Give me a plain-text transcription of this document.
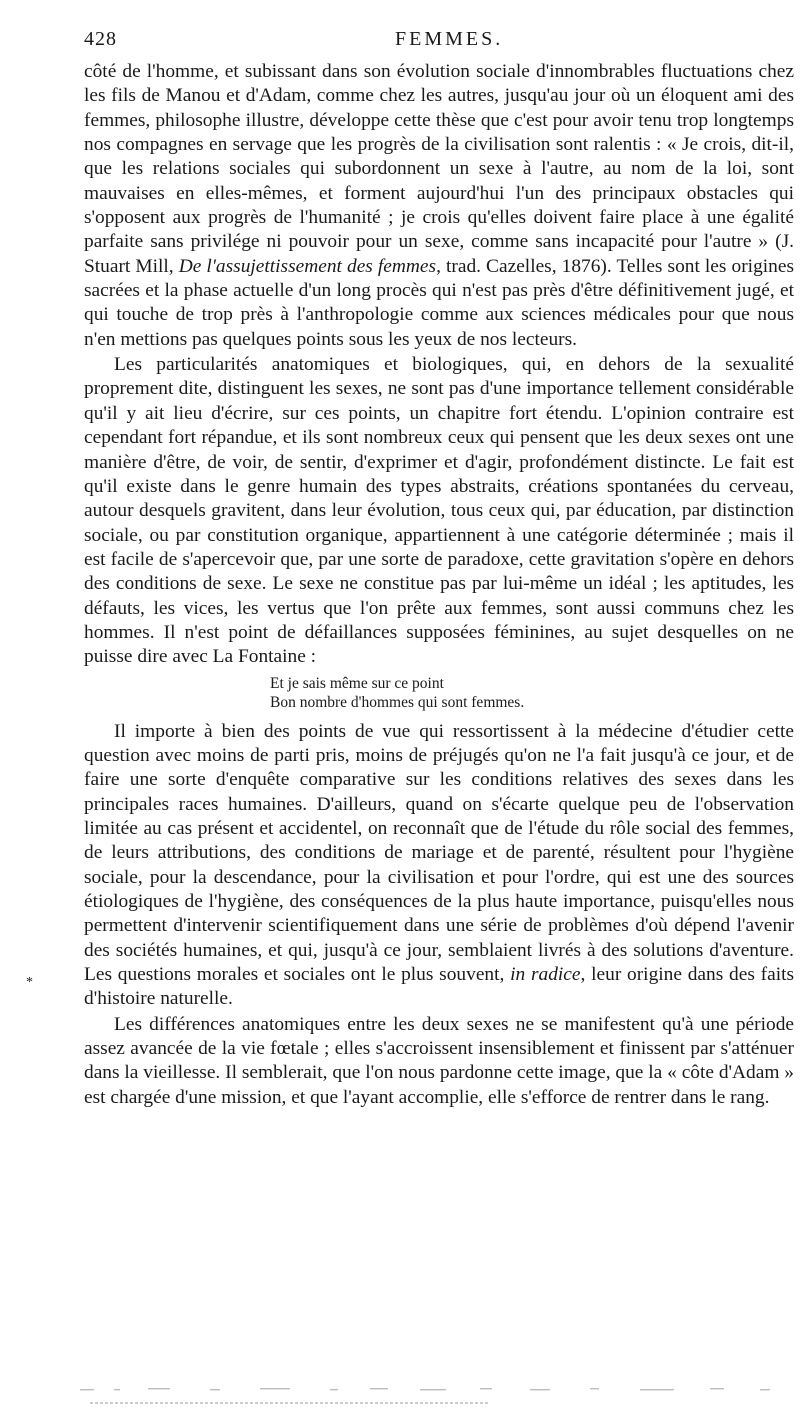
428	FEMMES.
*

côté de l'homme, et subissant dans son évolution sociale d'innombrables fluctuations chez les fils de Manou et d'Adam, comme chez les autres, jusqu'au jour où un éloquent ami des femmes, philosophe illustre, développe cette thèse que c'est pour avoir tenu trop longtemps nos compagnes en servage que les progrès de la civilisation sont ralentis : « Je crois, dit-il, que les relations sociales qui subordonnent un sexe à l'autre, au nom de la loi, sont mauvaises en elles-mêmes, et forment aujourd'hui l'un des principaux obstacles qui s'opposent aux progrès de l'humanité ; je crois qu'elles doivent faire place à une égalité parfaite sans privilége ni pouvoir pour un sexe, comme sans incapacité pour l'autre » (J. Stuart Mill, De l'assujettissement des femmes, trad. Cazelles, 1876). Telles sont les origines sacrées et la phase actuelle d'un long procès qui n'est pas près d'être définitivement jugé, et qui touche de trop près à l'anthropologie comme aux sciences médicales pour que nous n'en mettions pas quelques points sous les yeux de nos lecteurs.

Les particularités anatomiques et biologiques, qui, en dehors de la sexualité proprement dite, distinguent les sexes, ne sont pas d'une importance tellement considérable qu'il y ait lieu d'écrire, sur ces points, un chapitre fort étendu. L'opinion contraire est cependant fort répandue, et ils sont nombreux ceux qui pensent que les deux sexes ont une manière d'être, de voir, de sentir, d'exprimer et d'agir, profondément distincte. Le fait est qu'il existe dans le genre humain des types abstraits, créations spontanées du cerveau, autour desquels gravitent, dans leur évolution, tous ceux qui, par éducation, par distinction sociale, ou par constitution organique, appartiennent à une catégorie déterminée ; mais il est facile de s'apercevoir que, par une sorte de paradoxe, cette gravitation s'opère en dehors des conditions de sexe. Le sexe ne constitue pas par lui-même un idéal ; les aptitudes, les défauts, les vices, les vertus que l'on prête aux femmes, sont aussi communs chez les hommes. Il n'est point de défaillances supposées féminines, au sujet desquelles on ne puisse dire avec La Fontaine :

Et je sais même sur ce point
Bon nombre d'hommes qui sont femmes.

Il importe à bien des points de vue qui ressortissent à la médecine d'étudier cette question avec moins de parti pris, moins de préjugés qu'on ne l'a fait jusqu'à ce jour, et de faire une sorte d'enquête comparative sur les conditions relatives des sexes dans les principales races humaines. D'ailleurs, quand on s'écarte quelque peu de l'observation limitée au cas présent et accidentel, on reconnaît que de l'étude du rôle social des femmes, de leurs attributions, des conditions de mariage et de parenté, résultent pour l'hygiène sociale, pour la descendance, pour la civilisation et pour l'ordre, qui est une des sources étiologiques de l'hygiène, des conséquences de la plus haute importance, puisqu'elles nous permettent d'intervenir scientifiquement dans une série de problèmes d'où dépend l'avenir des sociétés humaines, et qui, jusqu'à ce jour, semblaient livrés à des solutions d'aventure. Les questions morales et sociales ont le plus souvent, in radice, leur origine dans des faits d'histoire naturelle.

Les différences anatomiques entre les deux sexes ne se manifestent qu'à une période assez avancée de la vie fœtale ; elles s'accroissent insensiblement et finissent par s'atténuer dans la vieillesse. Il semblerait, que l'on nous pardonne cette image, que la « côte d'Adam » est chargée d'une mission, et que l'ayant accomplie, elle s'efforce de rentrer dans le rang.
